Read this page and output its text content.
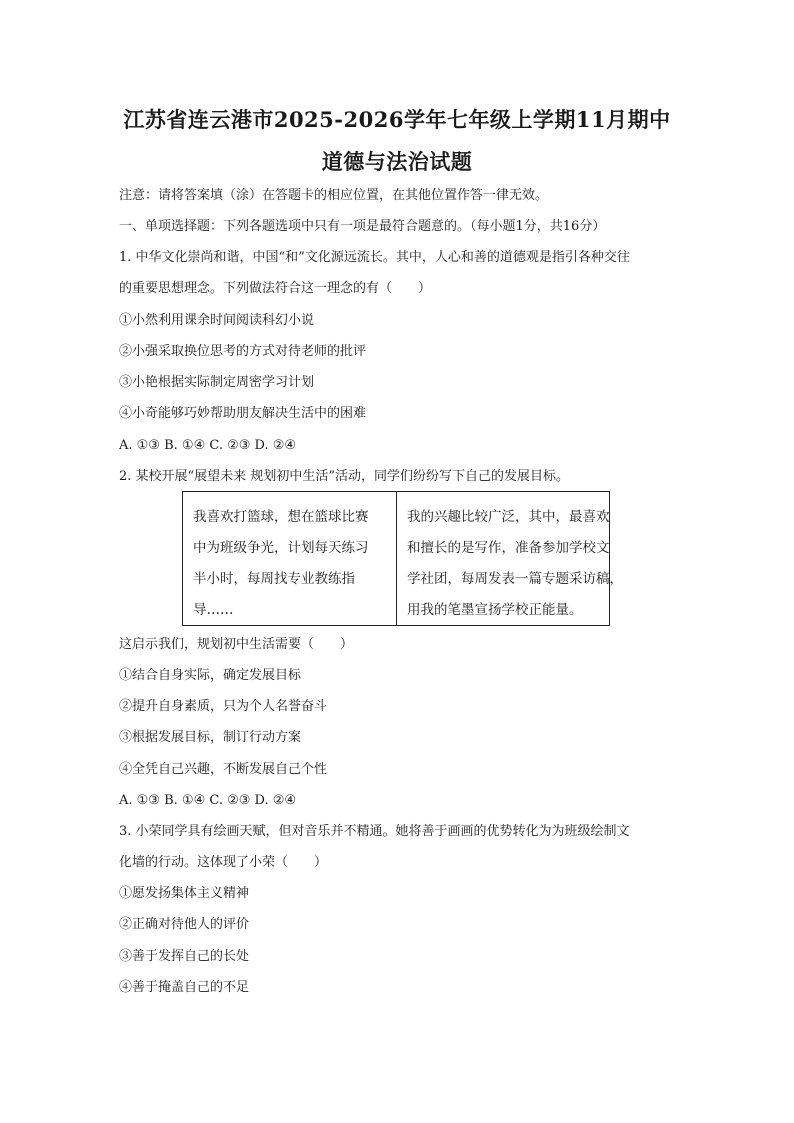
江苏省连云港市2025-2026学年七年级上学期11月期中
道德与法治试题
注意：请将答案填（涂）在答题卡的相应位置，在其他位置作答一律无效。
一、单项选择题：下列各题选项中只有一项是最符合题意的。（每小题1分，共16分）
1. 中华文化崇尚和谐，中国“和”文化源远流长。其中，人心和善的道德观是指引各种交往
的重要思想理念。下列做法符合这一理念的有（　　）
①小然利用课余时间阅读科幻小说
②小强采取换位思考的方式对待老师的批评
③小艳根据实际制定周密学习计划
④小奇能够巧妙帮助朋友解决生活中的困难
A. ①③ B. ①④ C. ②③ D. ②④
2. 某校开展“展望未来 规划初中生活”活动，同学们纷纷写下自己的发展目标。
我喜欢打篮球，想在篮球比赛
中为班级争光，计划每天练习
半小时，每周找专业教练指
导……
我的兴趣比较广泛，其中，最喜欢
和擅长的是写作，准备参加学校文
学社团，每周发表一篇专题采访稿，
用我的笔墨宣扬学校正能量。
这启示我们，规划初中生活需要（　　）
①结合自身实际，确定发展目标
②提升自身素质，只为个人名誉奋斗
③根据发展目标，制订行动方案
④全凭自己兴趣，不断发展自己个性
A. ①③ B. ①④ C. ②③ D. ②④
3. 小荣同学具有绘画天赋，但对音乐并不精通。她将善于画画的优势转化为为班级绘制文
化墙的行动。这体现了小荣（　　）
①愿发扬集体主义精神
②正确对待他人的评价
③善于发挥自己的长处
④善于掩盖自己的不足
